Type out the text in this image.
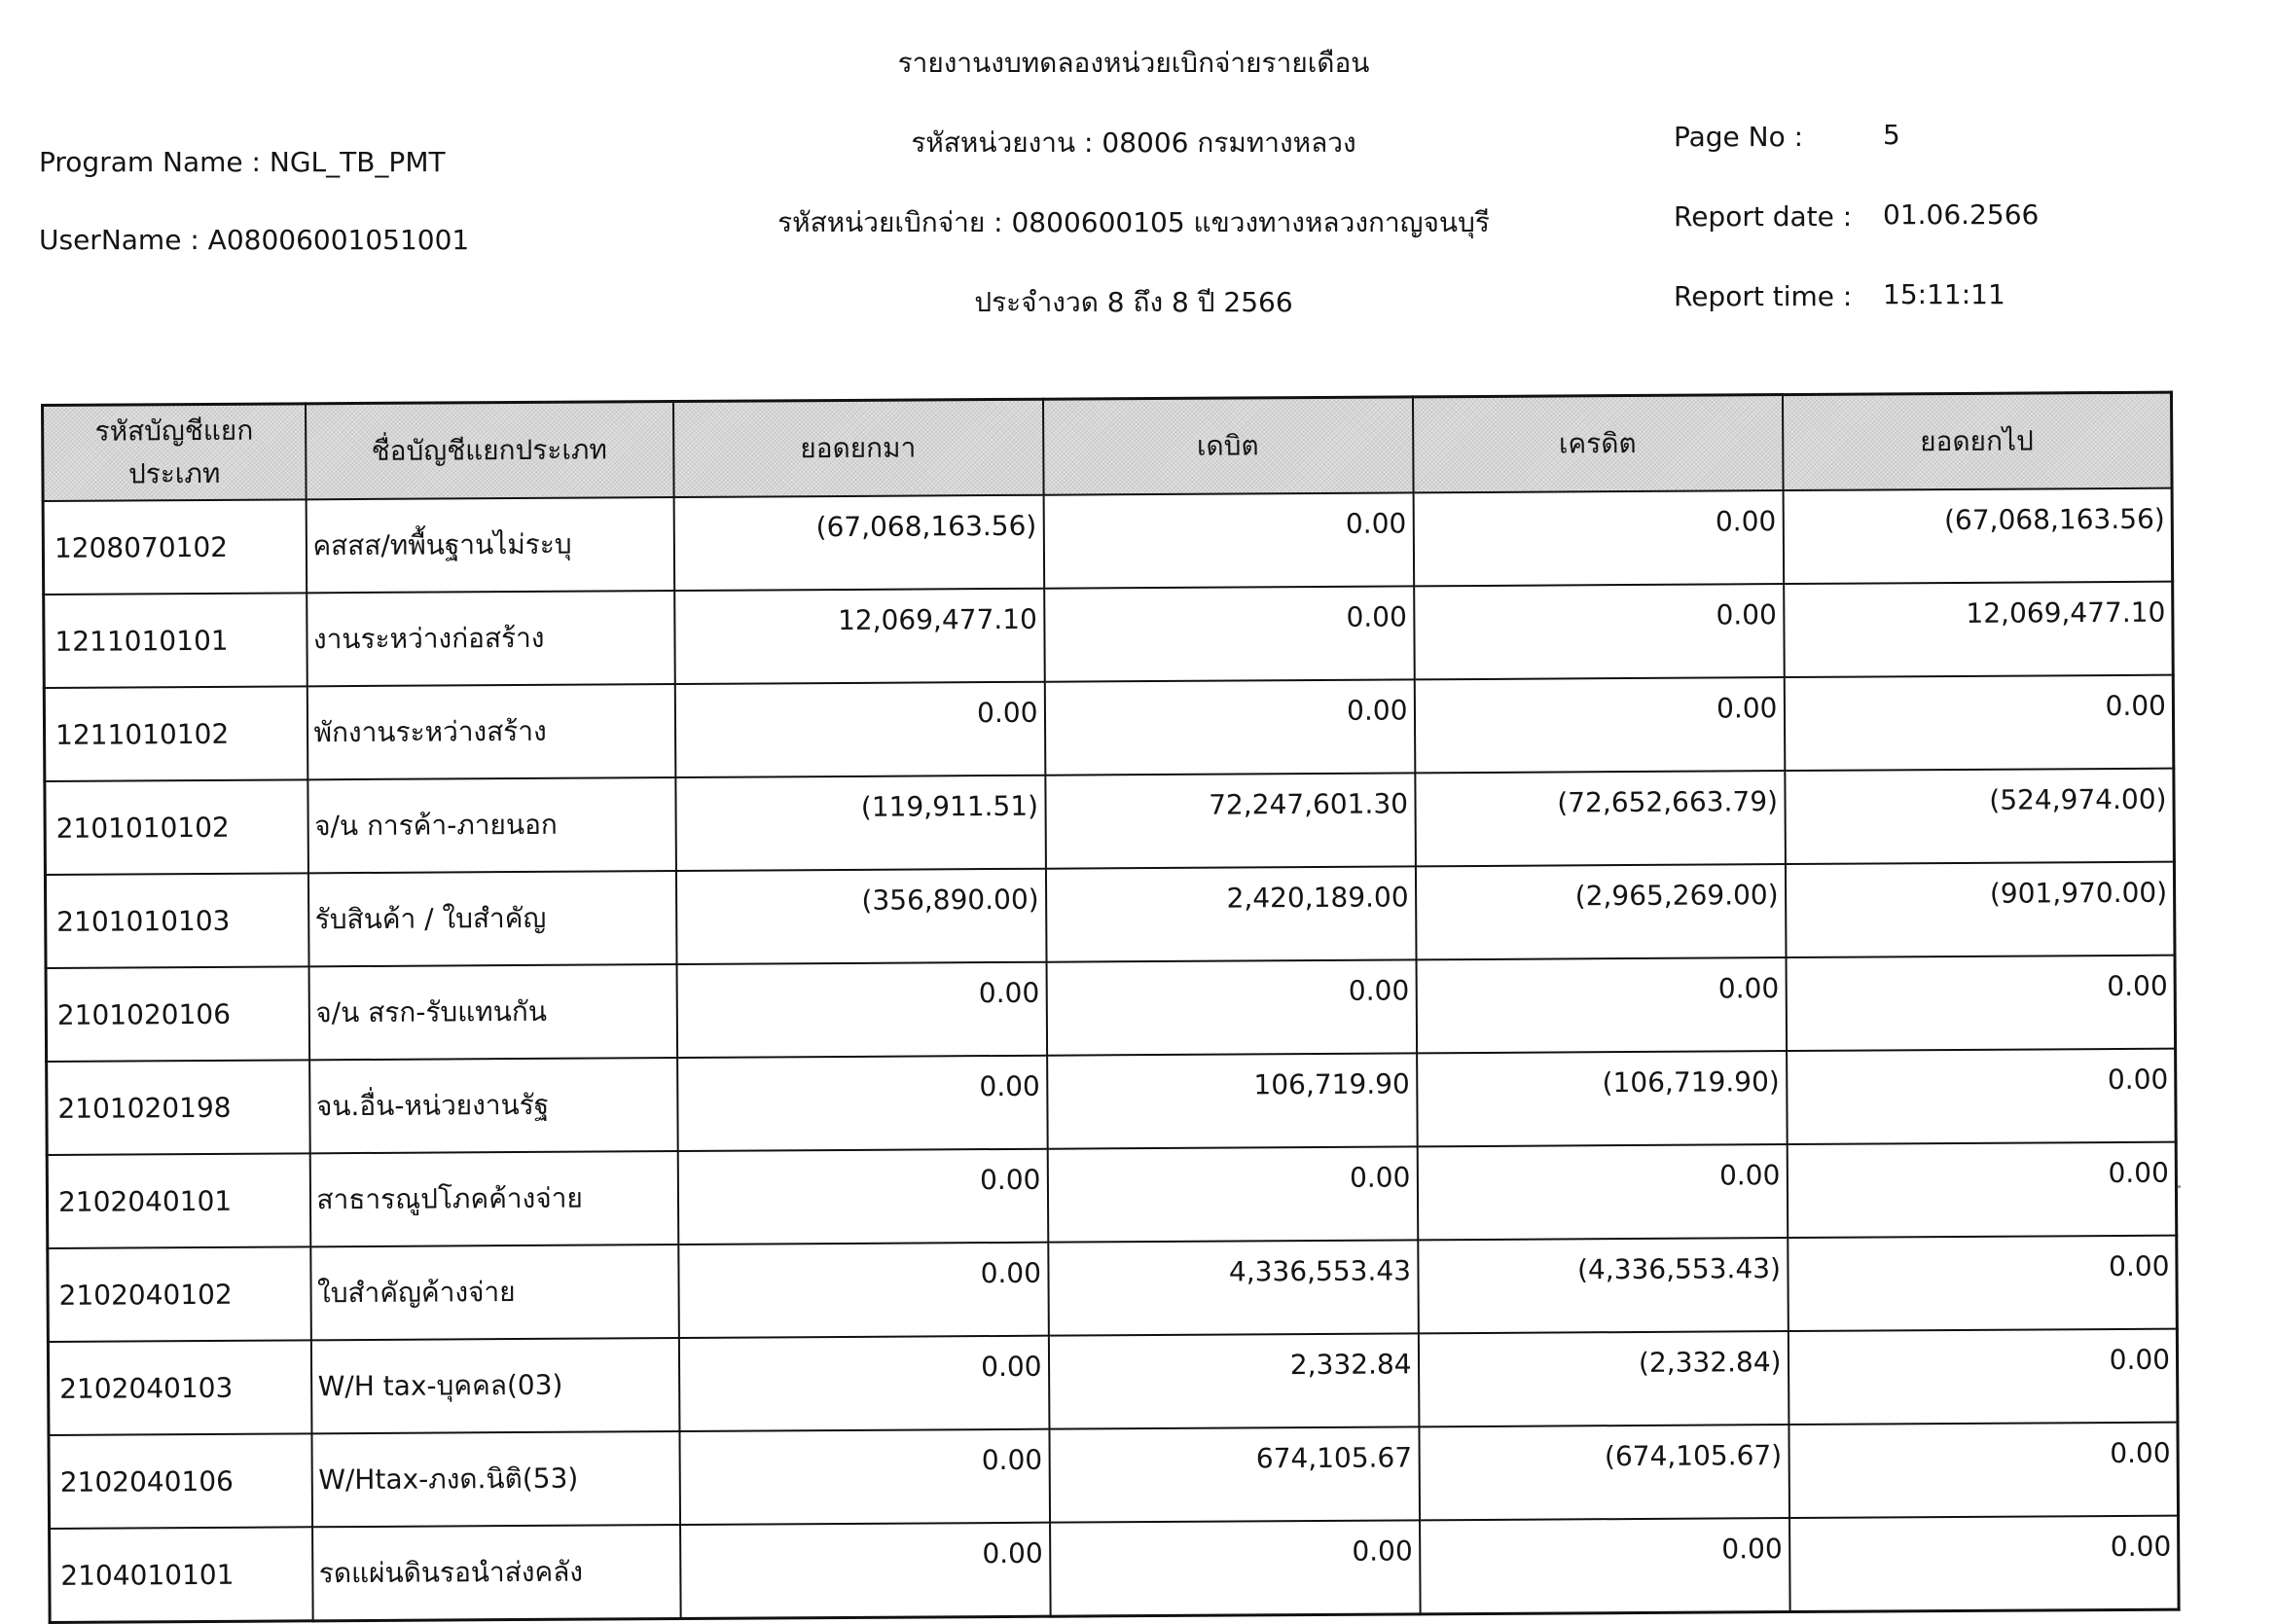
รายงานงบทดลองหน่วยเบิกจ่ายรายเดือน
รหัสหน่วยงาน : 08006 กรมทางหลวง
รหัสหน่วยเบิกจ่าย : 0800600105 แขวงทางหลวงกาญจนบุรี
ประจำงวด 8 ถึง 8 ปี 2566
Program Name : NGL_TB_PMT
UserName : A08006001051001
Page No :	5
Report date : 01.06.2566
Report time : 15:11:11
รหัสบัญชีแยกประเภท	ชื่อบัญชีแยกประเภท	ยอดยกมา	เดบิต	เครดิต	ยอดยกไป
1208070102	คสสส/ทพื้นฐานไม่ระบุ	(67,068,163.56)	0.00	0.00	(67,068,163.56)
1211010101	งานระหว่างก่อสร้าง	12,069,477.10	0.00	0.00	12,069,477.10
1211010102	พักงานระหว่างสร้าง	0.00	0.00	0.00	0.00
2101010102	จ/น การค้า-ภายนอก	(119,911.51)	72,247,601.30	(72,652,663.79)	(524,974.00)
2101010103	รับสินค้า / ใบสำคัญ	(356,890.00)	2,420,189.00	(2,965,269.00)	(901,970.00)
2101020106	จ/น สรก-รับแทนกัน	0.00	0.00	0.00	0.00
2101020198	จน.อื่น-หน่วยงานรัฐ	0.00	106,719.90	(106,719.90)	0.00
2102040101	สาธารณูปโภคค้างจ่าย	0.00	0.00	0.00	0.00
2102040102	ใบสำคัญค้างจ่าย	0.00	4,336,553.43	(4,336,553.43)	0.00
2102040103	W/H tax-บุคคล(03)	0.00	2,332.84	(2,332.84)	0.00
2102040106	W/Htax-ภงด.นิติ(53)	0.00	674,105.67	(674,105.67)	0.00
2104010101	รดแผ่นดินรอนำส่งคลัง	0.00	0.00	0.00	0.00
